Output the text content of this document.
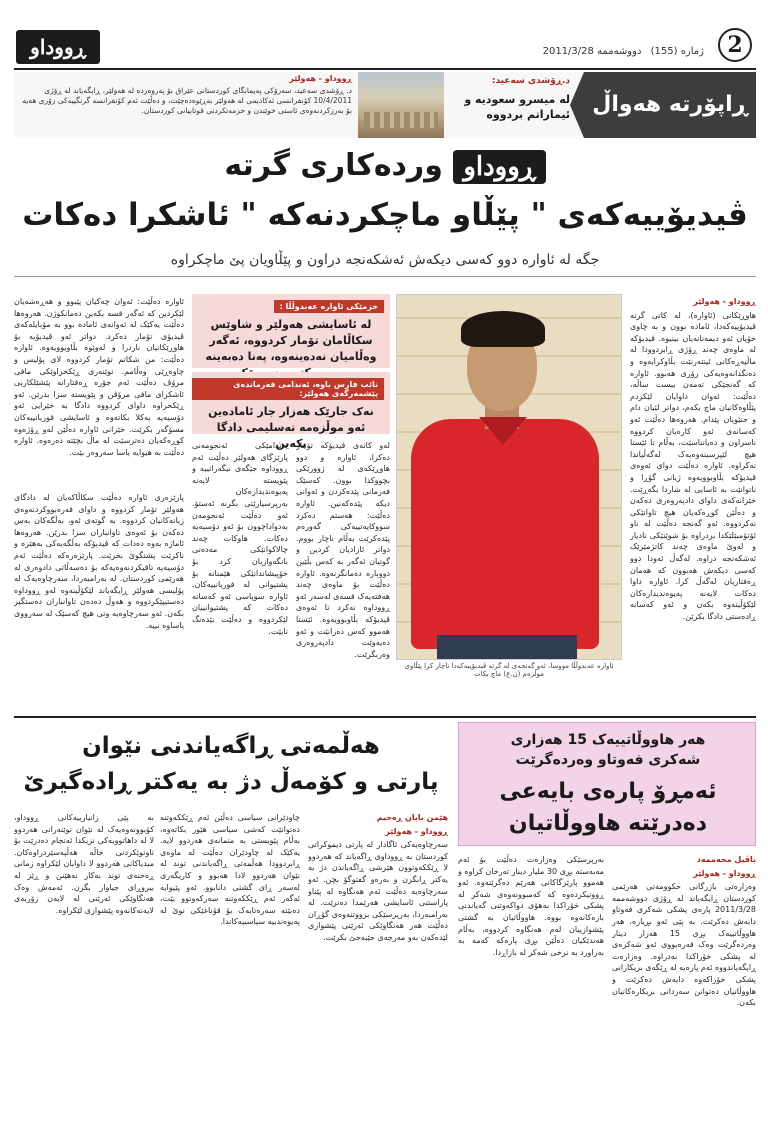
ڕووداو	ژمارە (155) دووشەممە 2011/3/28	2
ڕووداو - هەولێر
د. ڕۆشدی سەعید، سەرۆکی پەیمانگای کوردستانی عێراق بۆ پەروەردە لە هەولێر، ڕایگەیاند لە ڕۆژی 10/4/2011 کۆنفرانسی ئەکادیمی لە هەولێر بەڕێوەدەچێت، و دەڵێت ئەم کۆنفرانسە گرنگییەکی زۆری هەیە بۆ بەرزکردنەوەی ئاستی خوێندن و خزمەتکردنی قوتابیانی کوردستان.
د.ڕۆشدی سەعید:
لە میسرو سعودیە و ئیماراتم بردووە	ڕاپۆرتە هەواڵ
ڕووداو وردەکاری گرتە
ڤیدیۆییەکەی " پێڵاو ماچکردنەکە " ئاشکرا دەکات
جگە لە ئاوارە دوو کەسی دیکەش ئەشکەنجە دراون و پێڵاویان پێ ماچکراوە
ڕووداو - هەولێر
هاوڕێکانی (ئاوارە)، لە کاتی گرتە ڤیدیۆییەکەدا، ئامادە بوون و بە چاوی خۆیان ئەو دیمەنانەیان بینیوە. ڤیدیۆکە لە ماوەی چەند ڕۆژی ڕابردوودا لە ماڵپەڕەکانی ئینتەرنێت بڵاوکرایەوە و دەنگدانەوەیەکی زۆری هەبوو. ئاوارە کە گەنجێکی تەمەن بیست ساڵە، دەڵێت: ئەوان داوایان لێکردم پێڵاوەکانیان ماچ بکەم، دواتر لێیان دام و جنێویان پێدام. هەروەها دەڵێت ئەو کەسانەی ئەو کارەیان کردووە ناسراون و دەیانناسێت، بەڵام تا ئێستا هیچ لێپرسینەوەیەک لەگەڵیاندا نەکراوە. ئاوارە دەڵێت دوای ئەوەی ڤیدیۆکە بڵاوبوویەوە ژیانی گۆڕا و ناتوانێت بە ئاسایی لە شاردا بگەڕێت. خێزانەکەی داوای دادپەروەری دەکەن و دەڵێن کوڕەکەیان هیچ تاوانێکی نەکردووە. ئەو گەنجە دەڵێت لە ناو ئۆتۆمبێلێکدا بردراوە بۆ شوێنێکی نادیار و لەوێ ماوەی چەند کاتژمێرێک ئەشکەنجە دراوە. لەگەڵ ئەودا دوو کەسی دیکەش هەبوون کە هەمان ڕەفتاریان لەگەڵ کرا. ئاوارە داوا دەکات لایەنە پەیوەندیدارەکان لێکۆڵینەوە بکەن و ئەو کەسانە ڕادەستی دادگا بکرێن.
ئاوارە عەبدوڵڵا مووسا، ئەو گەنجەی لە گرتە ڤیدیۆییەکەدا ناچار کرا پێڵاوی موڵزەم (ن.ع) ماچ بکات
خزمێکی ئاوارە عەبدوڵڵا :
لە ئاسایشی هەولێر و شاوێس سکاڵامان تۆمار کردووە، ئەگەر وەڵامیان نەدەینەوە، پەنا دەبەینە
نائب فارس باوە، ئەندامی فەرماندەی پێشمەرگەی هەولێر:
نەک جارێک هەزار جار ئامادەین ئەو موڵزەمە تەسلیمی دادگا بکەین
لەو کاتەی ڤیدیۆکە تۆمار دەکرا، ئاوارە و دوو هاوڕێکەی لە ژوورێکی بچووکدا بوون. کەسێک فەرمانی پێدەکردن و ئەوانی دیکە پێدەکەنین. ئاوارە دەڵێت: هەستم دەکرد سووکایەتییەکی گەورەم پێدەکرێت بەڵام ناچار بووم. دواتر ئازادیان کردین و گوتیان ئەگەر بە کەس بڵێین دووبارە دەمانگرنەوە. ئاوارە دەڵێت بۆ ماوەی چەند هەفتەیەک قسەی لەسەر ئەو ڕووداوە نەکرد تا ئەوەی ڤیدیۆکە بڵاوبوویەوە. ئێستا هەموو کەس دەزانێت و ئەو دەیەوێت دادپەروەری وەربگرێت.
ئەندامێکی ئەنجومەنی پارێزگای هەولێر دەڵێت ئەم ڕووداوە جێگەی نیگەرانییە و پێویستە لایەنە پەیوەندیدارەکان بەرپرسیارێتی بگرنە ئەستۆ. ئەو دەڵێت ئەنجومەن بەدواداچوون بۆ ئەو دۆسیەیە دەکات. هاوکات چەند چالاکوانێکی مەدەنی بانگەوازیان کرد بۆ خۆپیشاندانێکی هێمنانە بۆ پشتیوانی لە قوربانییەکان. ئاوارە سوپاسی ئەو کەسانە دەکات کە پشتیوانییان لێکردووە و دەڵێت بێدەنگ نابێت.
ئاوارە دەڵێت: ئەوان چەکیان پێبوو و هەڕەشەیان لێکردین کە ئەگەر قسە بکەین دەمانکوژن. هەروەها دەڵێت یەکێک لە ئەوانەی ئامادە بوو بە مۆبایلەکەی ڤیدیۆی تۆمار دەکرد. دواتر ئەو ڤیدیۆیە بۆ هاوڕێکانیان ناردرا و لەوێوە بڵاوبوویەوە. ئاوارە دەڵێت: من شکاتم تۆمار کردووە لای پۆلیس و چاوەڕێی وەڵامم. نوێنەری ڕێکخراوێکی مافی مرۆڤ دەڵێت ئەم جۆرە ڕەفتارانە پێشێلکاریی ئاشکرای مافی مرۆڤن و پێویستە سزا بدرێن. ئەو ڕێکخراوە داوای کردووە دادگا بە خێرایی ئەو دۆسیەیە یەکلا بکاتەوە و ئاسایشی قوربانییەکان مسۆگەر بکرێت. خێزانی ئاوارە دەڵێن لەو ڕۆژەوە کوڕەکەیان دەترسێت لە ماڵ بچێتە دەرەوە. ئاوارە دەڵێت بە هیوایە یاسا سەروەر بێت.
پارێزەری ئاوارە دەڵێت سکاڵاکەیان لە دادگای هەولێر تۆمار کردووە و داوای قەرەبووکردنەوەی زیانەکانیان کردووە. بە گوتەی ئەو، بەڵگەکان بەس دەکەن بۆ ئەوەی تاوانباران سزا بدرێن. هەروەها ئاماژە بەوە دەدات کە ڤیدیۆکە بەڵگەیەکی بەهێزە و ناکرێت پشتگوێ بخرێت. پارێزەرەکە دەڵێت ئەم دۆسیەیە تاقیکردنەوەیەکە بۆ دەسەڵاتی دادوەری لە هەرێمی کوردستان. لە بەرامبەردا، سەرچاوەیەک لە پۆلیسی هەولێر ڕایگەیاند لێکۆڵینەوە لەو ڕووداوە دەستیپێکردووە و هەوڵ دەدەن تاوانباران دەستگیر بکەن. ئەو سەرچاوەیە وتی هیچ کەسێک لە سەرووی یاساوە نییە.
هەڵمەتی ڕاگەیاندنی نێوان
پارتی و کۆمەڵ دژ بە یەکتر ڕادەگیرێ
هێمن بابان ڕەحیم
ڕووداو - هەولێر
سەرچاوەیەکی ئاگادار لە پارتی دیموکراتی کوردستان بە ڕووداوی ڕاگەیاند کە هەردوو لا ڕێککەوتوون هێرشی ڕاگەیاندن دژ بە یەکتر ڕابگرن و بەرەو گفتوگۆ بچن. ئەو سەرچاوەیە دەڵێت ئەم هەنگاوە لە پێناو پاراستنی ئاسایشی هەرێمدا دەنرێت. لە بەرامبەردا، بەرپرسێکی بزووتنەوەی گۆڕان دەڵێت هەر هەنگاوێکی ئەرێنی پێشوازی لێدەکەن بەو مەرجەی جێبەجێ بکرێت.
چاودێرانی سیاسی دەڵێن ئەم ڕێککەوتنە دەتوانێت کەشی سیاسی هێور بکاتەوە، بەڵام پێویستی بە متمانەی هەردوو لایە. یەکێک لە چاودێران دەڵێت لە ماوەی ڕابردوودا هەڵمەتی ڕاگەیاندنی توند لە نێوان هەردوو لادا هەبوو و کاریگەری لەسەر ڕای گشتی دانابوو. ئەو پێیوایە ئەگەر ئەم ڕێککەوتنە سەرکەوتوو بێت، دەبێتە سەرەتایەک بۆ قۆناغێکی نوێ لە پەیوەندییە سیاسییەکاندا.
بە پێی زانیارییەکانی ڕووداو، کۆبوونەوەیەک لە نێوان نوێنەرانی هەردوو لا لە داهاتوویەکی نزیکدا ئەنجام دەدرێت بۆ تاوتوێکردنی خاڵە هەڵپەسێردراوەکان. میدیاکانی هەردوو لا داوایان لێکراوە زمانی ڕەخنەی توند بەکار نەهێنن و ڕێز لە بیروڕای جیاواز بگرن. ئەمەش وەک هەنگاوێکی ئەرێنی لە لایەن زۆربەی لایەنەکانەوە پێشوازی لێکراوە.
هەر هاووڵاتییەک 15 هەزاری
شەکری فەوتاو وەردەگرێت
ئەمڕۆ پارەی بایەعی
دەدرێتە هاووڵاتیان
باڤیل محەممەد
ڕووداو - هەولێر
وەزارەتی بازرگانی حکوومەتی هەرێمی کوردستان ڕایگەیاند لە ڕۆژی دووشەممە 2011/3/28 پارەی پشکی شەکری فەوتاو دابەش دەکرێت. بە پێی ئەو بڕیارە، هەر هاووڵاتییەک بڕی 15 هەزار دینار وەردەگرێت وەک قەرەبووی ئەو شەکرەی لە پشکی خۆراکدا نەدراوە. وەزارەت ڕایگەیاندووە ئەم پارەیە لە ڕێگەی بریکارانی پشکی خۆراکەوە دابەش دەکرێت و هاووڵاتیان دەتوانن سەردانی بریکارەکانیان بکەن.
بەرپرسێکی وەزارەت دەڵێت بۆ ئەم مەبەستە بڕی 30 ملیار دینار تەرخان کراوە و هەموو پارێزگاکانی هەرێم دەگرێتەوە. ئەو ڕوونیکردەوە کە کەمبوونەوەی شەکر لە پشکی خۆراکدا بەهۆی دواکەوتنی گەیاندنی بارەکانەوە بووە. هاووڵاتیان بە گشتی پێشوازییان لەم هەنگاوە کردووە، بەڵام هەندێکیان دەڵێن بڕی پارەکە کەمە بە بەراورد بە نرخی شەکر لە بازاڕدا.
